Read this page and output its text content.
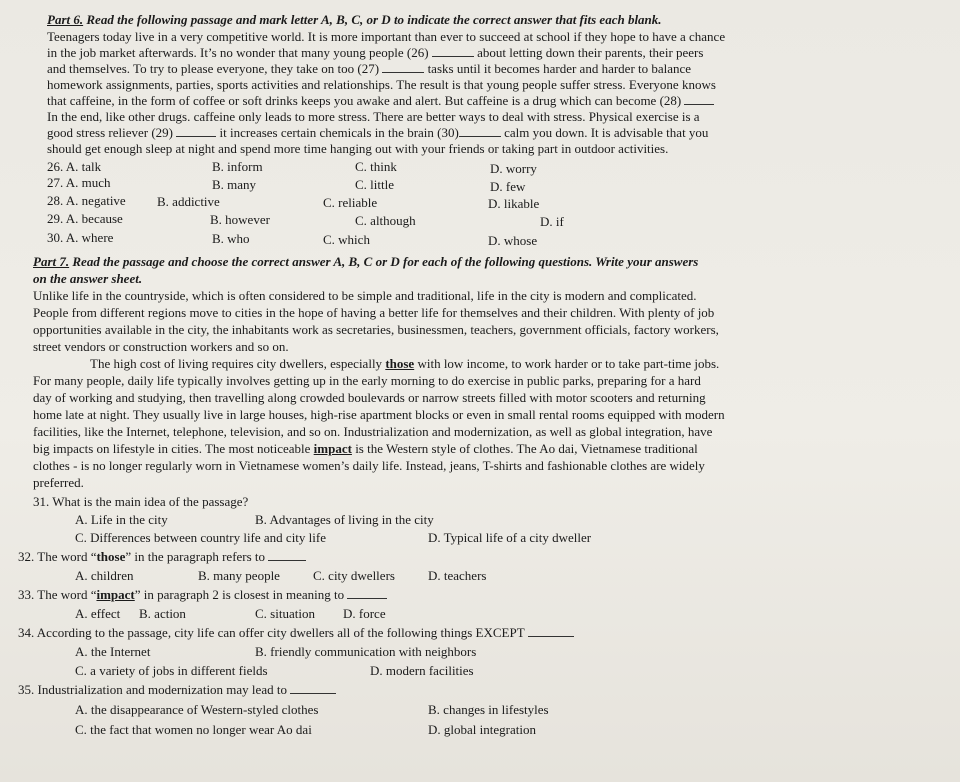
Part 6. Read the following passage and mark letter A, B, C, or D to indicate the correct answer that fits each blank.
Teenagers today live in a very competitive world. It is more important than ever to succeed at school if they hope to have a chance
in the job market afterwards. It’s no wonder that many young people (26)	about letting down their parents, their peers
and themselves. To try to please everyone, they take on too (27)	tasks until it becomes harder and harder to balance
homework assignments, parties, sports activities and relationships. The result is that young people suffer stress. Everyone knows
that caffeine, in the form of coffee or soft drinks keeps you awake and alert. But caffeine is a drug which can become (28)
In the end, like other drugs. caffeine only leads to more stress. There are better ways to deal with stress. Physical exercise is a
good stress reliever (29)	it increases certain chemicals in the brain (30)	calm you down. It is advisable that you
should get enough sleep at night and spend more time hanging out with your friends or taking part in outdoor activities.
26. A. talk	B. inform	C. think	D. worry
27. A. much	B. many	C. little	D. few
28. A. negative B. addictive	C. reliable	D. likable
29. A. because	B. however	C. although	D. if
30. A. where	B. who	C. which	D. whose
Part 7. Read the passage and choose the correct answer A, B, C or D for each of the following questions. Write your answers
on the answer sheet.
Unlike life in the countryside, which is often considered to be simple and traditional, life in the city is modern and complicated.
People from different regions move to cities in the hope of having a better life for themselves and their children. With plenty of job
opportunities available in the city, the inhabitants work as secretaries, businessmen, teachers, government officials, factory workers,
street vendors or construction workers and so on.
The high cost of living requires city dwellers, especially those with low income, to work harder or to take part-time jobs.
For many people, daily life typically involves getting up in the early morning to do exercise in public parks, preparing for a hard
day of working and studying, then travelling along crowded boulevards or narrow streets filled with motor scooters and returning
home late at night. They usually live in large houses, high-rise apartment blocks or even in small rental rooms equipped with modern
facilities, like the Internet, telephone, television, and so on. Industrialization and modernization, as well as global integration, have
big impacts on lifestyle in cities. The most noticeable impact is the Western style of clothes. The Ao dai, Vietnamese traditional
clothes - is no longer regularly worn in Vietnamese women’s daily life. Instead, jeans, T-shirts and fashionable clothes are widely
preferred.
31. What is the main idea of the passage?
A. Life in the city	B. Advantages of living in the city
C. Differences between country life and city life	D. Typical life of a city dweller
32. The word “those” in the paragraph refers to
A. children	B. many people	C. city dwellers	D. teachers
33. The word “impact” in paragraph 2 is closest in meaning to
A. effect B. action	C. situation D. force
34. According to the passage, city life can offer city dwellers all of the following things EXCEPT
A. the Internet	B. friendly communication with neighbors
C. a variety of jobs in different fields	D. modern facilities
35. Industrialization and modernization may lead to
A. the disappearance of Western-styled clothes	B. changes in lifestyles
C. the fact that women no longer wear Ao dai	D. global integration
